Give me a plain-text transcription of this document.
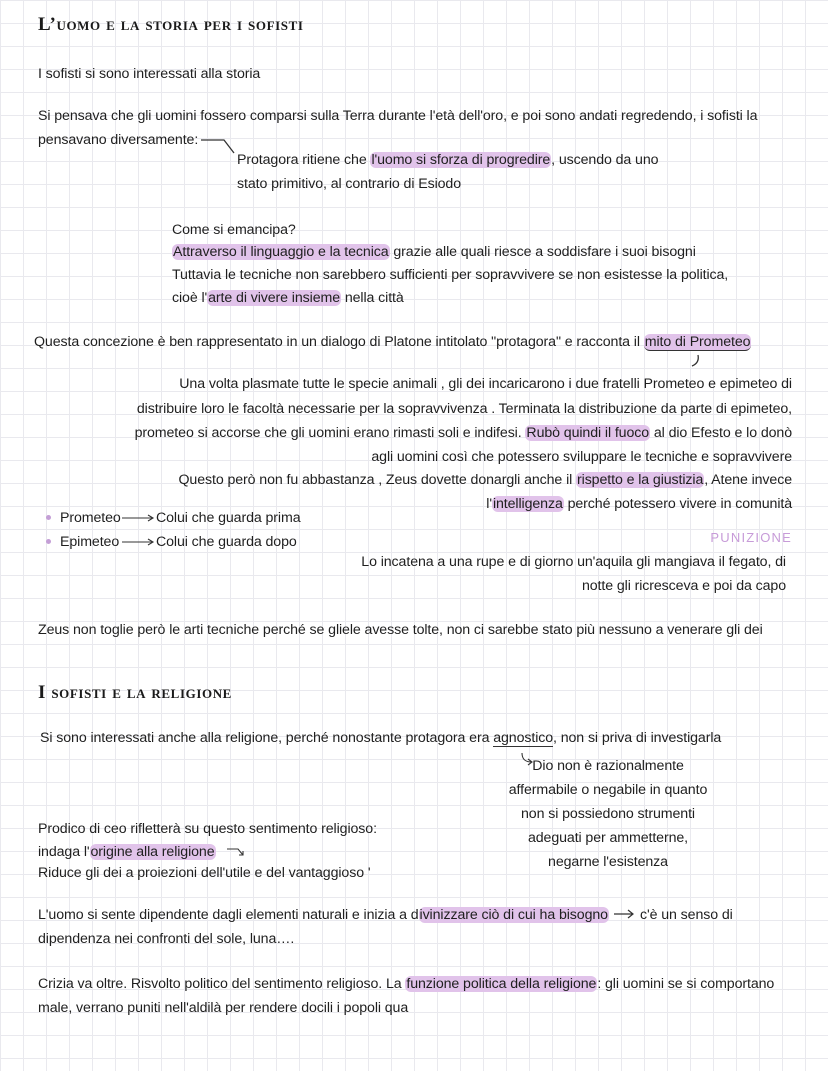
L’uomo e la storia per i sofisti
I sofisti si sono interessati alla storia
Si pensava che gli uomini fossero comparsi sulla Terra durante l'età dell'oro, e poi sono andati regredendo, i sofisti la
pensavano diversamente:
Protagora ritiene che l'uomo si sforza di progredire, uscendo da uno
stato primitivo, al contrario di Esiodo
Come si emancipa?
Attraverso il linguaggio e la tecnica grazie alle quali riesce a soddisfare i suoi bisogni
Tuttavia le tecniche non sarebbero sufficienti per sopravvivere se non esistesse la politica,
cioè l'arte di vivere insieme nella città
Questa concezione è ben rappresentato in un dialogo di Platone intitolato "protagora" e racconta il mito di Prometeo
Una volta plasmate tutte le specie animali , gli dei incaricarono i due fratelli Prometeo e epimeteo di
distribuire loro le facoltà necessarie per la sopravvivenza . Terminata la distribuzione da parte di epimeteo,
prometeo si accorse che gli uomini erano rimasti soli e indifesi. Rubò quindi il fuoco al dio Efesto e lo donò
agli uomini così che potessero sviluppare le tecniche e sopravvivere
Questo però non fu abbastanza , Zeus dovette donargli anche il rispetto e la giustizia, Atene invece
l'intelligenza perché potessero vivere in comunità
Prometeo Colui che guarda prima
Epimeteo	Colui che guarda dopo	PUNIZIONE
Lo incatena a una rupe e di giorno un'aquila gli mangiava il fegato, di
notte gli ricresceva e poi da capo
Zeus non toglie però le arti tecniche perché se gliele avesse tolte, non ci sarebbe stato più nessuno a venerare gli dei
I sofisti e la religione
Si sono interessati anche alla religione, perché nonostante protagora era agnostico, non si priva di investigarla
Dio non è razionalmente
affermabile o negabile in quanto
non si possiedono strumenti
adeguati per ammetterne,
negarne l'esistenza
Prodico di ceo rifletterà su questo sentimento religioso:
indaga l'origine alla religione
Riduce gli dei a proiezioni dell'utile e del vantaggioso '
L'uomo si sente dipendente dagli elementi naturali e inizia a divinizzare ciò di cui ha bisogno c'è un senso di
dipendenza nei confronti del sole, luna….
Crizia va oltre. Risvolto politico del sentimento religioso. La funzione politica della religione: gli uomini se si comportano
male, verrano puniti nell'aldilà per rendere docili i popoli qua
